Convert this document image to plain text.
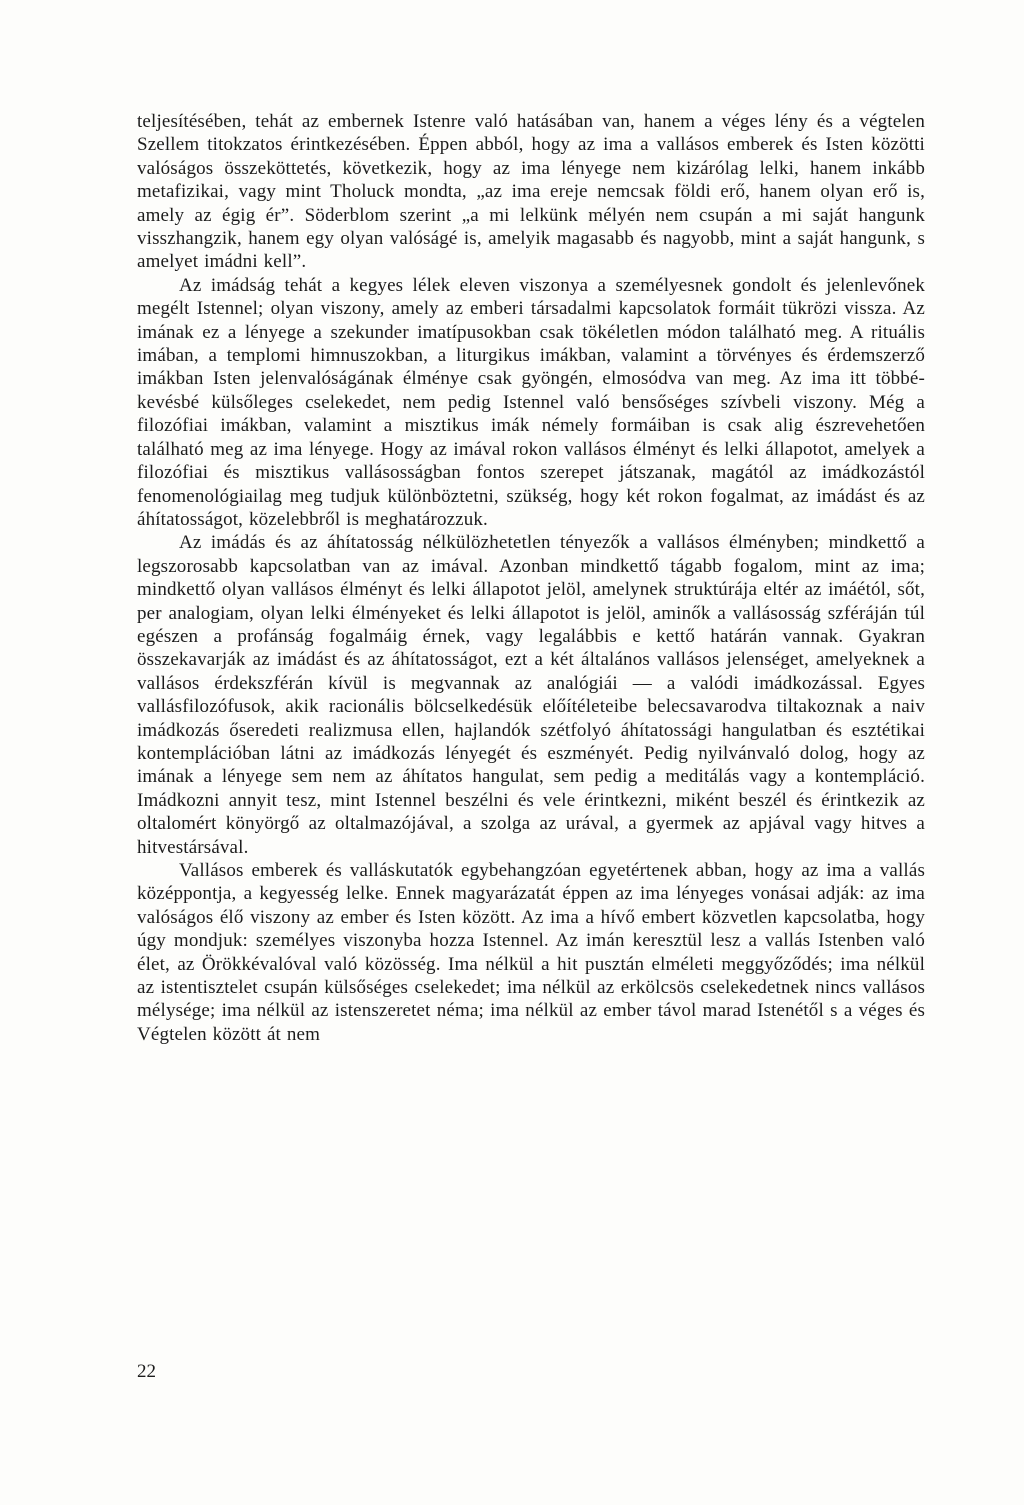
teljesítésében, tehát az embernek Istenre való hatásában van, hanem a véges lény és a végtelen Szellem titokzatos érintkezésében. Éppen abból, hogy az ima a vallásos emberek és Isten közötti valóságos összeköttetés, következik, hogy az ima lényege nem kizárólag lelki, hanem inkább metafizikai, vagy mint Tholuck mondta, „az ima ereje nemcsak földi erő, hanem olyan erő is, amely az égig ér”. Söderblom szerint „a mi lelkünk mélyén nem csupán a mi saját hangunk visszhangzik, hanem egy olyan valóságé is, amelyik magasabb és nagyobb, mint a saját hangunk, s amelyet imádni kell”.

Az imádság tehát a kegyes lélek eleven viszonya a személyesnek gondolt és jelenlevőnek megélt Istennel; olyan viszony, amely az emberi társadalmi kapcsolatok formáit tükrözi vissza. Az imának ez a lényege a szekunder imatípusokban csak tökéletlen módon található meg. A rituális imában, a templomi himnuszokban, a liturgikus imákban, valamint a törvényes és érdemszerző imákban Isten jelenvalóságának élménye csak gyöngén, elmosódva van meg. Az ima itt többé-kevésbé külsőleges cselekedet, nem pedig Istennel való bensőséges szívbeli viszony. Még a filozófiai imákban, valamint a misztikus imák némely formáiban is csak alig észrevehetően található meg az ima lényege. Hogy az imával rokon vallásos élményt és lelki állapotot, amelyek a filozófiai és misztikus vallásosságban fontos szerepet játszanak, magától az imádkozástól fenomenológiailag meg tudjuk különböztetni, szükség, hogy két rokon fogalmat, az imádást és az áhítatosságot, közelebbről is meghatározzuk.

Az imádás és az áhítatosság nélkülözhetetlen tényezők a vallásos élményben; mindkettő a legszorosabb kapcsolatban van az imával. Azonban mindkettő tágabb fogalom, mint az ima; mindkettő olyan vallásos élményt és lelki állapotot jelöl, amelynek struktúrája eltér az imáétól, sőt, per analogiam, olyan lelki élményeket és lelki állapotot is jelöl, aminők a vallásosság szféráján túl egészen a profánság fogalmáig érnek, vagy legalábbis e kettő határán vannak. Gyakran összekavarják az imádást és az áhítatosságot, ezt a két általános vallásos jelenséget, amelyeknek a vallásos érdekszférán kívül is megvannak az analógiái — a valódi imádkozással. Egyes vallásfilozófusok, akik racionális bölcselkedésük előítéleteibe belecsavarodva tiltakoznak a naiv imádkozás őseredeti realizmusa ellen, hajlandók szétfolyó áhítatossági hangulatban és esztétikai kontemplációban látni az imádkozás lényegét és eszményét. Pedig nyilvánvaló dolog, hogy az imának a lényege sem nem az áhítatos hangulat, sem pedig a meditálás vagy a kontempláció. Imádkozni annyit tesz, mint Istennel beszélni és vele érintkezni, miként beszél és érintkezik az oltalomért könyörgő az oltalmazójával, a szolga az urával, a gyermek az apjával vagy hitves a hitvestársával.

Vallásos emberek és valláskutatók egybehangzóan egyetértenek abban, hogy az ima a vallás középpontja, a kegyesség lelke. Ennek magyarázatát éppen az ima lényeges vonásai adják: az ima valóságos élő viszony az ember és Isten között. Az ima a hívő embert közvetlen kapcsolatba, hogy úgy mondjuk: személyes viszonyba hozza Istennel. Az imán keresztül lesz a vallás Istenben való élet, az Örökkévalóval való közösség. Ima nélkül a hit pusztán elméleti meggyőződés; ima nélkül az istentisztelet csupán külsőséges cselekedet; ima nélkül az erkölcsös cselekedetnek nincs vallásos mélysége; ima nélkül az istenszeretet néma; ima nélkül az ember távol marad Istenétől s a véges és Végtelen között át nem

22
